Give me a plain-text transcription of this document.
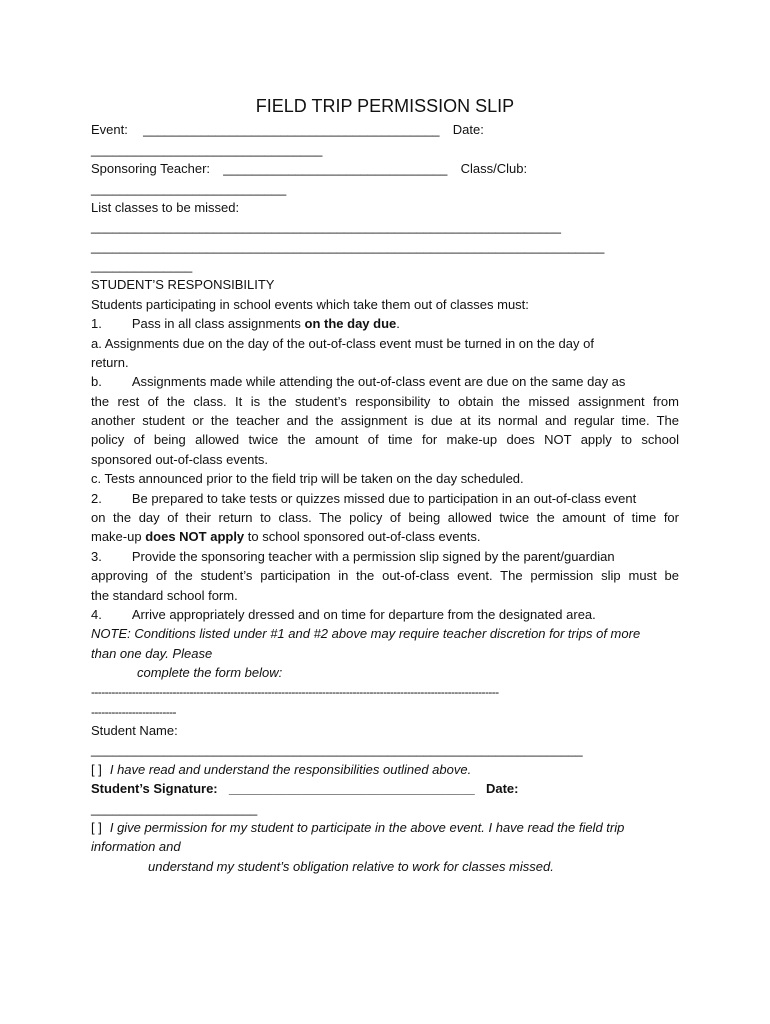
FIELD TRIP PERMISSION SLIP
Event: _________________________________________ Date:
________________________________
Sponsoring Teacher: _______________________________ Class/Club:
___________________________
List classes to be missed:
_________________________________________________________________
_______________________________________________________________________
______________
STUDENT’S RESPONSIBILITY
Students participating in school events which take them out of classes must:
1. Pass in all class assignments on the day due.
a. Assignments due on the day of the out-of-class event must be turned in on the day of
return.
b. Assignments made while attending the out-of-class event are due on the same day as
the rest of the class. It is the student’s responsibility to obtain the missed assignment from
another student or the teacher and the assignment is due at its normal and regular time. The
policy of being allowed twice the amount of time for make-up does NOT apply to school
sponsored out-of-class events.
c. Tests announced prior to the field trip will be taken on the day scheduled.
2. Be prepared to take tests or quizzes missed due to participation in an out-of-class event
on the day of their return to class. The policy of being allowed twice the amount of time for
make-up does NOT apply to school sponsored out-of-class events.
3. Provide the sponsoring teacher with a permission slip signed by the parent/guardian
approving of the student’s participation in the out-of-class event. The permission slip must be
the standard school form.
4. Arrive appropriately dressed and on time for departure from the designated area.
NOTE: Conditions listed under #1 and #2 above may require teacher discretion for trips of more
than one day. Please
complete the form below:
------------------------------------------------------------------------------------------------------------------------
-------------------------
Student Name:
____________________________________________________________________
[ ] I have read and understand the responsibilities outlined above.
Student’s Signature: __________________________________ Date:
_______________________
[ ] I give permission for my student to participate in the above event. I have read the field trip
information and
understand my student’s obligation relative to work for classes missed.
